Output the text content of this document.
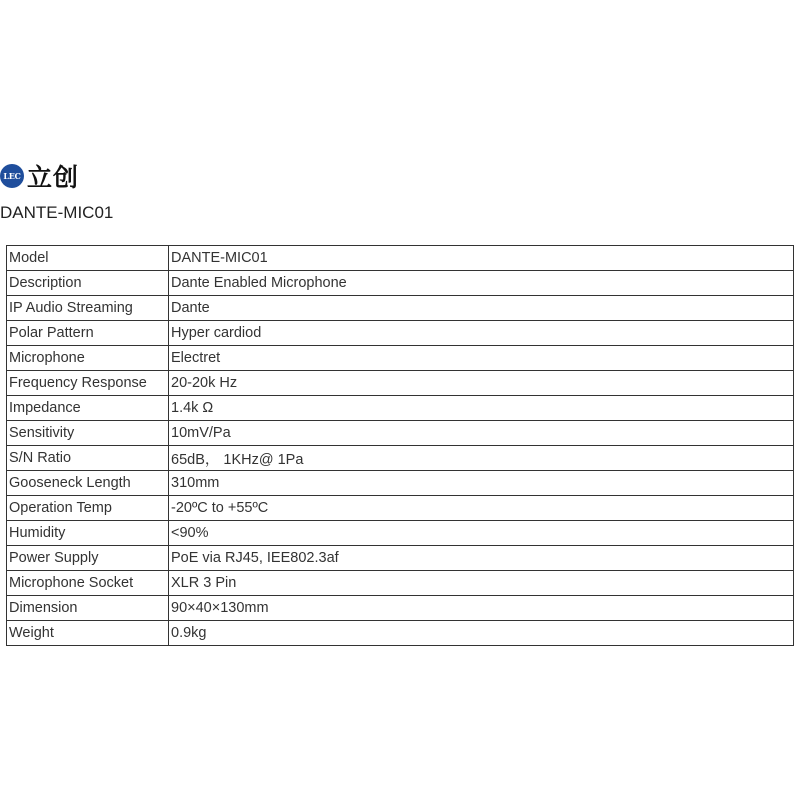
LEC 立创
DANTE-MIC01
Model	DANTE-MIC01
Description	Dante Enabled Microphone
IP Audio Streaming	Dante
Polar Pattern	Hyper cardiod
Microphone	Electret
Frequency Response	20-20k Hz
Impedance	1.4k Ω
Sensitivity	10mV/Pa
S/N Ratio	65dB， 1KHz@ 1Pa
Gooseneck Length	310mm
Operation Temp	-20ºC to +55ºC
Humidity	<90%
Power Supply	PoE via RJ45, IEE802.3af
Microphone Socket	XLR 3 Pin
Dimension	90×40×130mm
Weight	0.9kg
